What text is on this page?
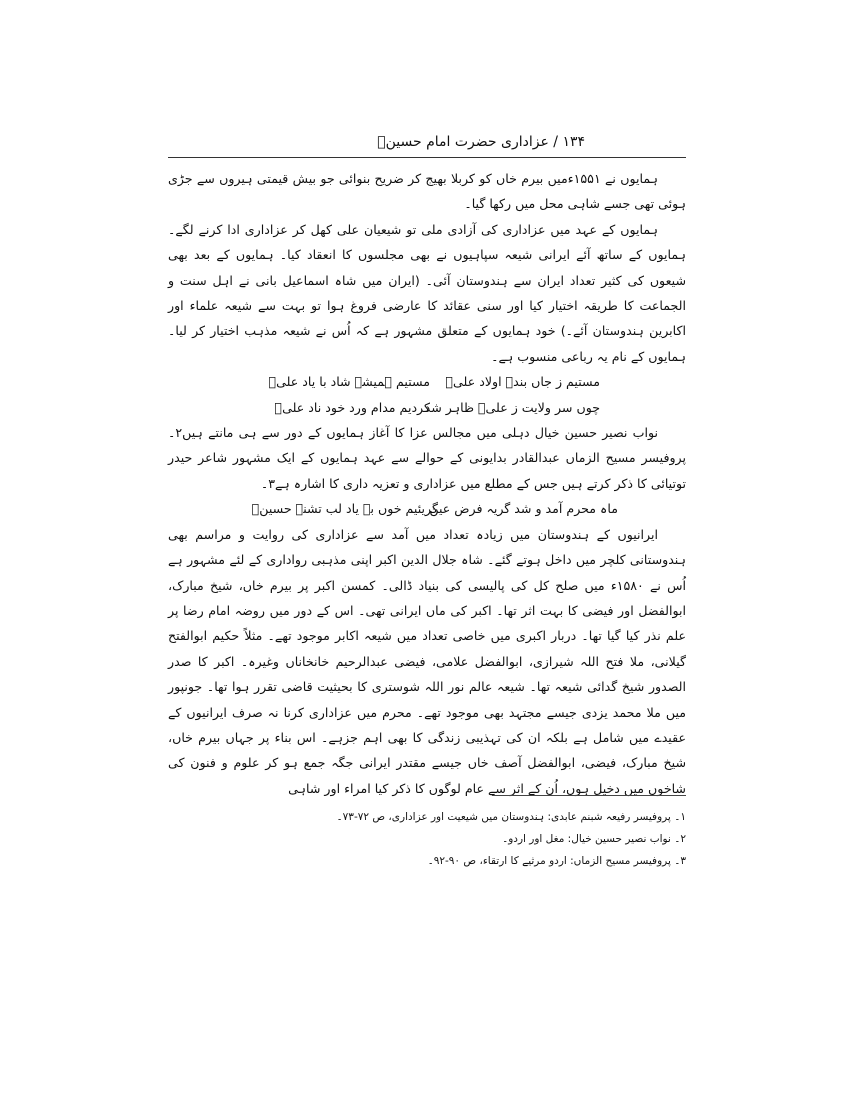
۱۳۴ / عزاداری حضرت امام حسینؑ

ہمایوں نے ۱۵۵۱ءمیں بیرم خاں کو کربلا بھیج کر ضریح بنوائی جو بیش قیمتی ہیروں سے جڑی ہوئی تھی جسے شاہی محل میں رکھا گیا۔

ہمایوں کے عہد میں عزاداری کی آزادی ملی تو شیعیان علی کھل کر عزاداری ادا کرنے لگے۔ ہمایوں کے ساتھ آئے ایرانی شیعہ سپاہیوں نے بھی مجلسوں کا انعقاد کیا۔ ہمایوں کے بعد بھی شیعوں کی کثیر تعداد ایران سے ہندوستان آئی۔ (ایران میں شاہ اسماعیل بانی نے اہل سنت و الجماعت کا طریقہ اختیار کیا اور سنی عقائد کا عارضی فروغ ہوا تو بہت سے شیعہ علماء اور اکابرین ہندوستان آئے۔) خود ہمایوں کے متعلق مشہور ہے کہ اُس نے شیعہ مذہب اختیار کر لیا۔ ہمایوں کے نام یہ رباعی منسوب ہے۔

مستیم ز جاں بندۂ اولاد علیؑ
مستیم ہمیشہ شاد با یاد علیؑ
چوں سر ولایت ز علیؑ ظاہر شد
کردیم مدام ورد خود ناد علیؑ

نواب نصیر حسین خیال دہلی میں مجالس عزا کا آغاز ہمایوں کے دور سے ہی مانتے ہیں۲۔ پروفیسر مسیح الزماں عبدالقادر بدایونی کے حوالے سے عہد ہمایوں کے ایک مشہور شاعر حیدر توتیائی کا ذکر کرتے ہیں جس کے مطلع میں عزاداری و تعزیہ داری کا اشارہ ہے۳۔

ماہ محرم آمد و شد گریہ فرض عین
گریئیم خوں بہ یاد لب تشنہ حسینؑ

ایرانیوں کے ہندوستان میں زیادہ تعداد میں آمد سے عزاداری کی روایت و مراسم بھی ہندوستانی کلچر میں داخل ہوتے گئے۔ شاہ جلال الدین اکبر اپنی مذہبی رواداری کے لئے مشہور ہے اُس نے ۱۵۸۰ء میں صلح کل کی پالیسی کی بنیاد ڈالی۔ کمسن اکبر پر بیرم خاں، شیخ مبارک، ابوالفضل اور فیضی کا بہت اثر تھا۔ اکبر کی ماں ایرانی تھی۔ اس کے دور میں روضہ امام رضا پر علم نذر کیا گیا تھا۔ دربار اکبری میں خاصی تعداد میں شیعہ اکابر موجود تھے۔ مثلاً حکیم ابوالفتح گیلانی، ملا فتح اللہ شیرازی، ابوالفضل علامی، فیضی عبدالرحیم خانخاناں وغیرہ۔ اکبر کا صدر الصدور شیخ گدائی شیعہ تھا۔ شیعہ عالم نور اللہ شوستری کا بحیثیت قاضی تقرر ہوا تھا۔ جونپور میں ملا محمد یزدی جیسے مجتہد بھی موجود تھے۔ محرم میں عزاداری کرنا نہ صرف ایرانیوں کے عقیدے میں شامل ہے بلکہ ان کی تہذیبی زندگی کا بھی اہم جزہے۔ اس بناء پر جہاں بیرم خاں، شیخ مبارک، فیضی، ابوالفضل آصف خاں جیسے مقتدر ایرانی جگہ جمع ہو کر علوم و فنون کی شاخوں میں دخیل ہوں، اُن کے اثر سے عام لوگوں کا ذکر کیا امراء اور شاہی

۱۔ پروفیسر رفیعہ شبنم عابدی: ہندوستان میں شیعیت اور عزاداری، ص ۷۲-۷۳۔
۲۔ نواب نصیر حسین خیال: مغل اور اردو۔
۳۔ پروفیسر مسیح الزماں: اردو مرثیے کا ارتقاء، ص ۹۰-۹۲۔
